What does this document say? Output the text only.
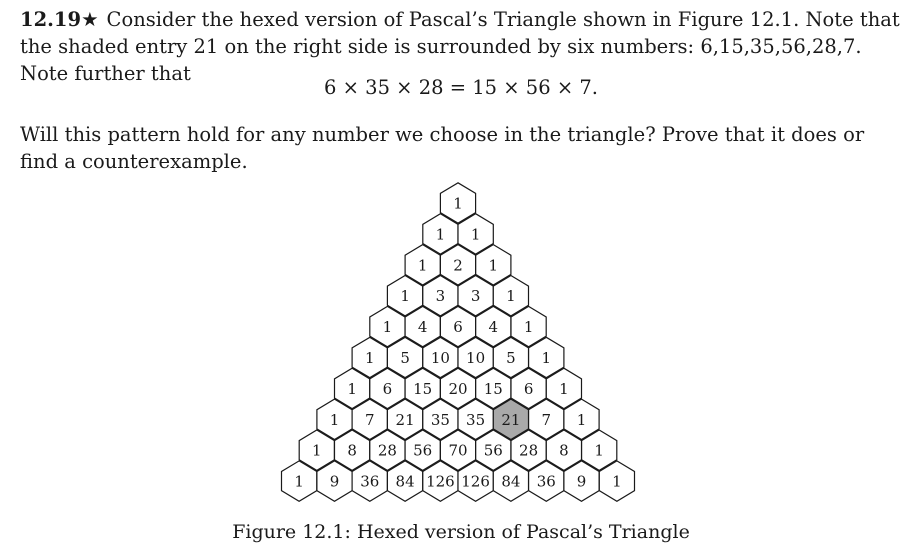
12.19★ Consider the hexed version of Pascal’s Triangle shown in Figure 12.1. Note that the shaded entry 21 on the right side is surrounded by six numbers: 6,15,35,56,28,7. Note further that

6 × 35 × 28 = 15 × 56 × 7.

Will this pattern hold for any number we choose in the triangle? Prove that it does or find a counterexample.

1
1 1
1 2 1
1 3 3 1
1 4 6 4 1
1 5 10 10 5 1
1 6 15 20 15 6 1
1 7 21 35 35 21 7 1
1 8 28 56 70 56 28 8 1
1 9 36 84 126 126 84 36 9 1
Figure 12.1: Hexed version of Pascal’s Triangle
